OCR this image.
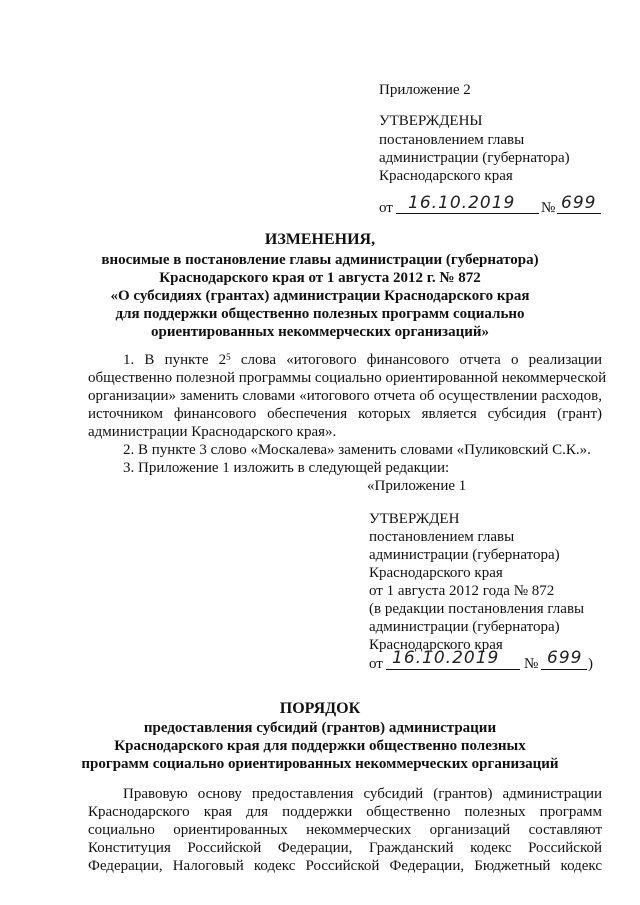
Приложение 2
УТВЕРЖДЕНЫ
постановлением главы
администрации (губернатора)
Краснодарского края
от 16.10.2019 № 699
ИЗМЕНЕНИЯ,
вносимые в постановление главы администрации (губернатора)
Краснодарского края от 1 августа 2012 г. № 872
«О субсидиях (грантах) администрации Краснодарского края
для поддержки общественно полезных программ социально
ориентированных некоммерческих организаций»
1. В пункте $2^5$ слова «итогового финансового отчета о реализации
общественно полезной программы социально ориентированной некоммерческой
организации» заменить словами «итогового отчета об осуществлении расходов,
источником финансового обеспечения которых является субсидия (грант)
администрации Краснодарского края».
2. В пункте 3 слово «Москалева» заменить словами «Пуликовский С.К.».
3. Приложение 1 изложить в следующей редакции:
«Приложение 1
УТВЕРЖДЕН
постановлением главы
администрации (губернатора)
Краснодарского края
от 1 августа 2012 года № 872
(в редакции постановления главы
администрации (губернатора)
Краснодарского края
от 16.10.2019 № 699 )
ПОРЯДОК
предоставления субсидий (грантов) администрации
Краснодарского края для поддержки общественно полезных
программ социально ориентированных некоммерческих организаций
Правовую основу предоставления субсидий (грантов) администрации
Краснодарского края для поддержки общественно полезных программ
социально ориентированных некоммерческих организаций составляют
Конституция Российской Федерации, Гражданский кодекс Российской
Федерации, Налоговый кодекс Российской Федерации, Бюджетный кодекс
